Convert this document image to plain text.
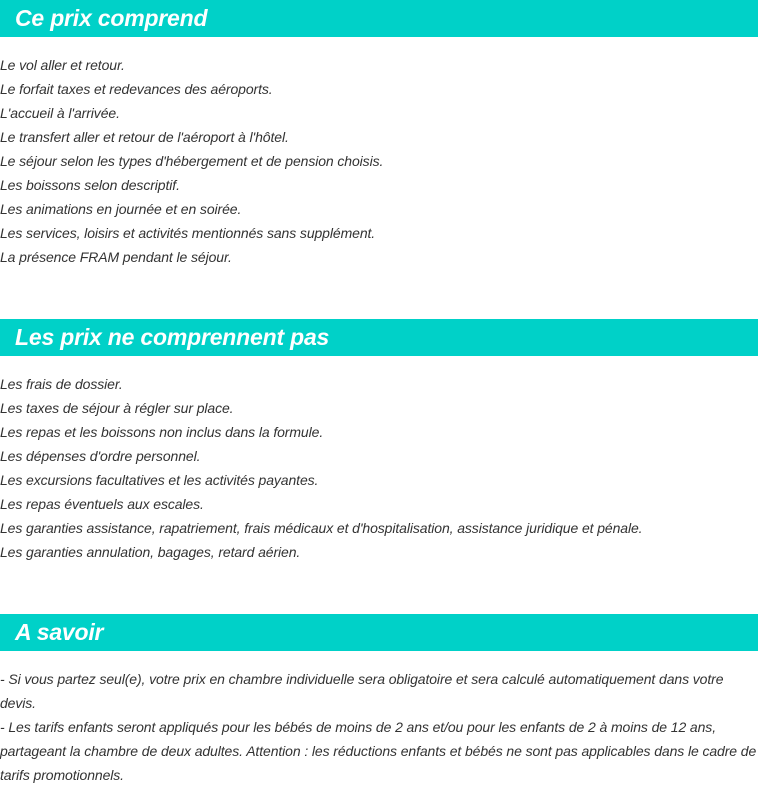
Ce prix comprend
Le vol aller et retour.
Le forfait taxes et redevances des aéroports.
L'accueil à l'arrivée.
Le transfert aller et retour de l'aéroport à l'hôtel.
Le séjour selon les types d'hébergement et de pension choisis.
Les boissons selon descriptif.
Les animations en journée et en soirée.
Les services, loisirs et activités mentionnés sans supplément.
La présence FRAM pendant le séjour.
Les prix ne comprennent pas
Les frais de dossier.
Les taxes de séjour à régler sur place.
Les repas et les boissons non inclus dans la formule.
Les dépenses d'ordre personnel.
Les excursions facultatives et les activités payantes.
Les repas éventuels aux escales.
Les garanties assistance, rapatriement, frais médicaux et d'hospitalisation, assistance juridique et pénale.
Les garanties annulation, bagages, retard aérien.
A savoir

- Si vous partez seul(e), votre prix en chambre individuelle sera obligatoire et sera calculé automatiquement dans votre devis.

- Les tarifs enfants seront appliqués pour les bébés de moins de 2 ans et/ou pour les enfants de 2 à moins de 12 ans, partageant la chambre de deux adultes. Attention : les réductions enfants et bébés ne sont pas applicables dans le cadre de tarifs promotionnels.
